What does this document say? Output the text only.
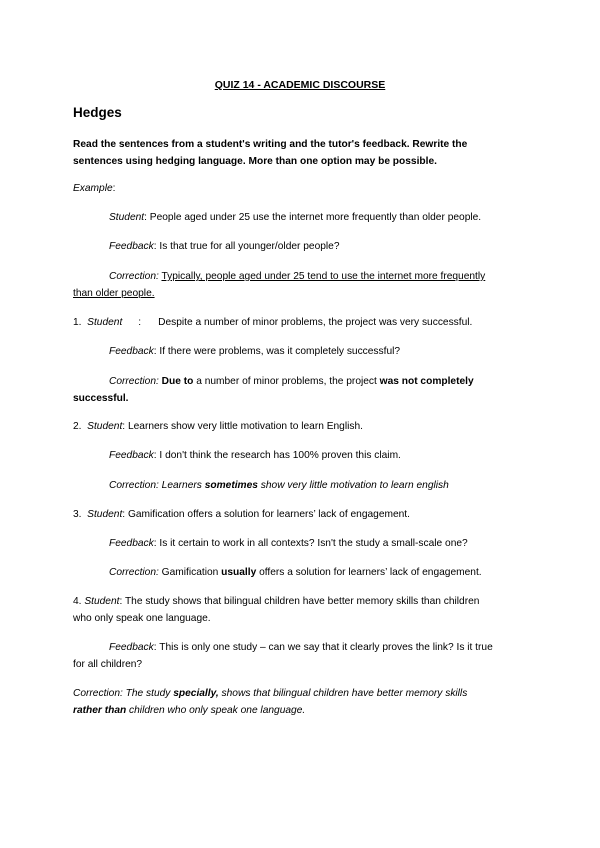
QUIZ 14 - ACADEMIC DISCOURSE
Hedges
Read the sentences from a student's writing and the tutor's feedback. Rewrite the
sentences using hedging language. More than one option may be possible.
Example:
Student: People aged under 25 use the internet more frequently than older people.
Feedback: Is that true for all younger/older people?
Correction: Typically, people aged under 25 tend to use the internet more frequently
than older people.
1. Student :      Despite a number of minor problems, the project was very successful.
Feedback: If there were problems, was it completely successful?
Correction: Due to a number of minor problems, the project was not completely
successful.
2. Student: Learners show very little motivation to learn English.
Feedback: I don't think the research has 100% proven this claim.
Correction: Learners sometimes show very little motivation to learn english
3. Student: Gamification offers a solution for learners’ lack of engagement.
Feedback: Is it certain to work in all contexts? Isn't the study a small-scale one?
Correction: Gamification usually offers a solution for learners’ lack of engagement.
4. Student: The study shows that bilingual children have better memory skills than children
who only speak one language.
Feedback: This is only one study – can we say that it clearly proves the link? Is it true
for all children?
Correction: The study specially, shows that bilingual children have better memory skills
rather than children who only speak one language.
